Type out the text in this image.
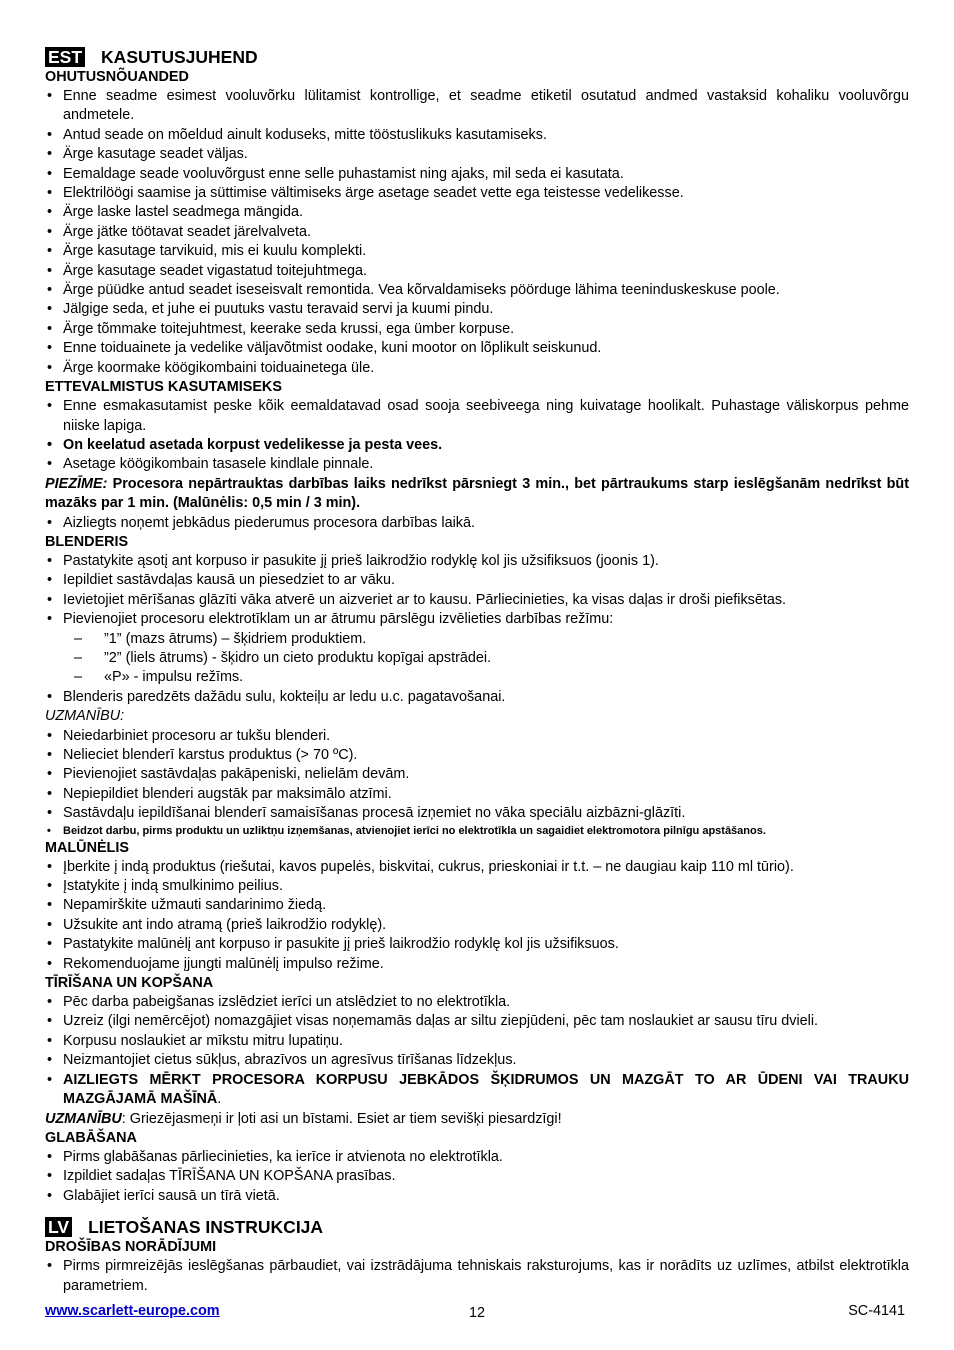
EST KASUTUSJUHEND
OHUTUSNÕUANDED
• Enne seadme esimest vooluvõrku lülitamist kontrollige, et seadme etiketil osutatud andmed vastaksid kohaliku vooluvõrgu andmetele.
• Antud seade on mõeldud ainult koduseks, mitte tööstuslikuks kasutamiseks.
• Ärge kasutage seadet väljas.
• Eemaldage seade vooluvõrgust enne selle puhastamist ning ajaks, mil seda ei kasutata.
• Elektrilöögi saamise ja süttimise vältimiseks ärge asetage seadet vette ega teistesse vedelikesse.
• Ärge laske lastel seadmega mängida.
• Ärge jätke töötavat seadet järelvalveta.
• Ärge kasutage tarvikuid, mis ei kuulu komplekti.
• Ärge kasutage seadet vigastatud toitejuhtmega.
• Ärge püüdke antud seadet iseseisvalt remontida. Vea kõrvaldamiseks pöörduge lähima teeninduskeskuse poole.
• Jälgige seda, et juhe ei puutuks vastu teravaid servi ja kuumi pindu.
• Ärge tõmmake toitejuhtmest, keerake seda krussi, ega ümber korpuse.
• Enne toiduainete ja vedelike väljavõtmist oodake, kuni mootor on lõplikult seiskunud.
• Ärge koormake köögikombaini toiduainetega üle.
ETTEVALMISTUS KASUTAMISEKS
• Enne esmakasutamist peske kõik eemaldatavad osad sooja seebiveega ning kuivatage hoolikalt. Puhastage väliskorpus pehme niiske lapiga.
• On keelatud asetada korpust vedelikesse ja pesta vees.
• Asetage köögikombain tasasele kindlale pinnale.
PIEZĪME: Procesora nepārtrauktas darbības laiks nedrīkst pārsniegt 3 min., bet pārtraukums starp ieslēgšanām nedrīkst būt mazāks par 1 min. (Malūnėlis: 0,5 min / 3 min).
• Aizliegts noņemt jebkādus piederumus procesora darbības laikā.
BLENDERIS
• Pastatykite ąsotį ant korpuso ir pasukite jį prieš laikrodžio rodyklę kol jis užsifiksuos (joonis 1).
• Iepildiet sastāvdaļas kausā un piesedziet to ar vāku.
• Ievietojiet mērīšanas glāzīti vāka atverē un aizveriet ar to kausu. Pārliecinieties, ka visas daļas ir droši piefiksētas.
• Pievienojiet procesoru elektrotīklam un ar ātrumu pārslēgu izvēlieties darbības režīmu:
– ”1” (mazs ātrums) – šķidriem produktiem.
– ”2” (liels ātrums) - šķidro un cieto produktu kopīgai apstrādei.
– «P» - impulsu režīms.
• Blenderis paredzēts dažādu sulu, kokteiļu ar ledu u.c. pagatavošanai.
UZMANĪBU:
• Neiedarbiniet procesoru ar tukšu blenderi.
• Nelieciet blenderī karstus produktus (> 70 ºC).
• Pievienojiet sastāvdaļas pakāpeniski, nelielām devām.
• Nepiepildiet blenderi augstāk par maksimālo atzīmi.
• Sastāvdaļu iepildīšanai blenderī samaisīšanas procesā izņemiet no vāka speciālu aizbāzni-glāzīti.
• Beidzot darbu, pirms produktu un uzliktņu izņemšanas, atvienojiet ierīci no elektrotīkla un sagaidiet elektromotora pilnīgu apstāšanos.
MALŪNĖLIS
• Įberkite į indą produktus (riešutai, kavos pupelės, biskvitai, cukrus, prieskoniai ir t.t. – ne daugiau kaip 110 ml tūrio).
• Įstatykite į indą smulkinimo peilius.
• Nepamirškite užmauti sandarinimo žiedą.
• Užsukite ant indo atramą (prieš laikrodžio rodyklę).
• Pastatykite malūnėlį ant korpuso ir pasukite jį prieš laikrodžio rodyklę kol jis užsifiksuos.
• Rekomenduojame įjungti malūnėlį impulso režime.
TĪRĪŠANA UN KOPŠANA
• Pēc darba pabeigšanas izslēdziet ierīci un atslēdziet to no elektrotīkla.
• Uzreiz (ilgi nemērcējot) nomazgājiet visas noņemamās daļas ar siltu ziepjūdeni, pēc tam noslaukiet ar sausu tīru dvieli.
• Korpusu noslaukiet ar mīkstu mitru lupatiņu.
• Neizmantojiet cietus sūkļus, abrazīvos un agresīvus tīrīšanas līdzekļus.
• AIZLIEGTS MĒRKT PROCESORA KORPUSU JEBKĀDOS ŠĶIDRUMOS UN MAZGĀT TO AR ŪDENI VAI TRAUKU MAZGĀJAMĀ MAŠĪNĀ.
UZMANĪBU: Griezējasmeņi ir ļoti asi un bīstami. Esiet ar tiem sevišķi piesardzīgi!
GLABĀŠANA
• Pirms glabāšanas pārliecinieties, ka ierīce ir atvienota no elektrotīkla.
• Izpildiet sadaļas TĪRĪŠANA UN KOPŠANA prasības.
• Glabājiet ierīci sausā un tīrā vietā.
LV LIETOŠANAS INSTRUKCIJA
DROŠĪBAS NORĀDĪJUMI
• Pirms pirmreizējās ieslēgšanas pārbaudiet, vai izstrādājuma tehniskais raksturojums, kas ir norādīts uz uzlīmes, atbilst elektrotīkla parametriem.
www.scarlett-europe.com	12	SC-4141
